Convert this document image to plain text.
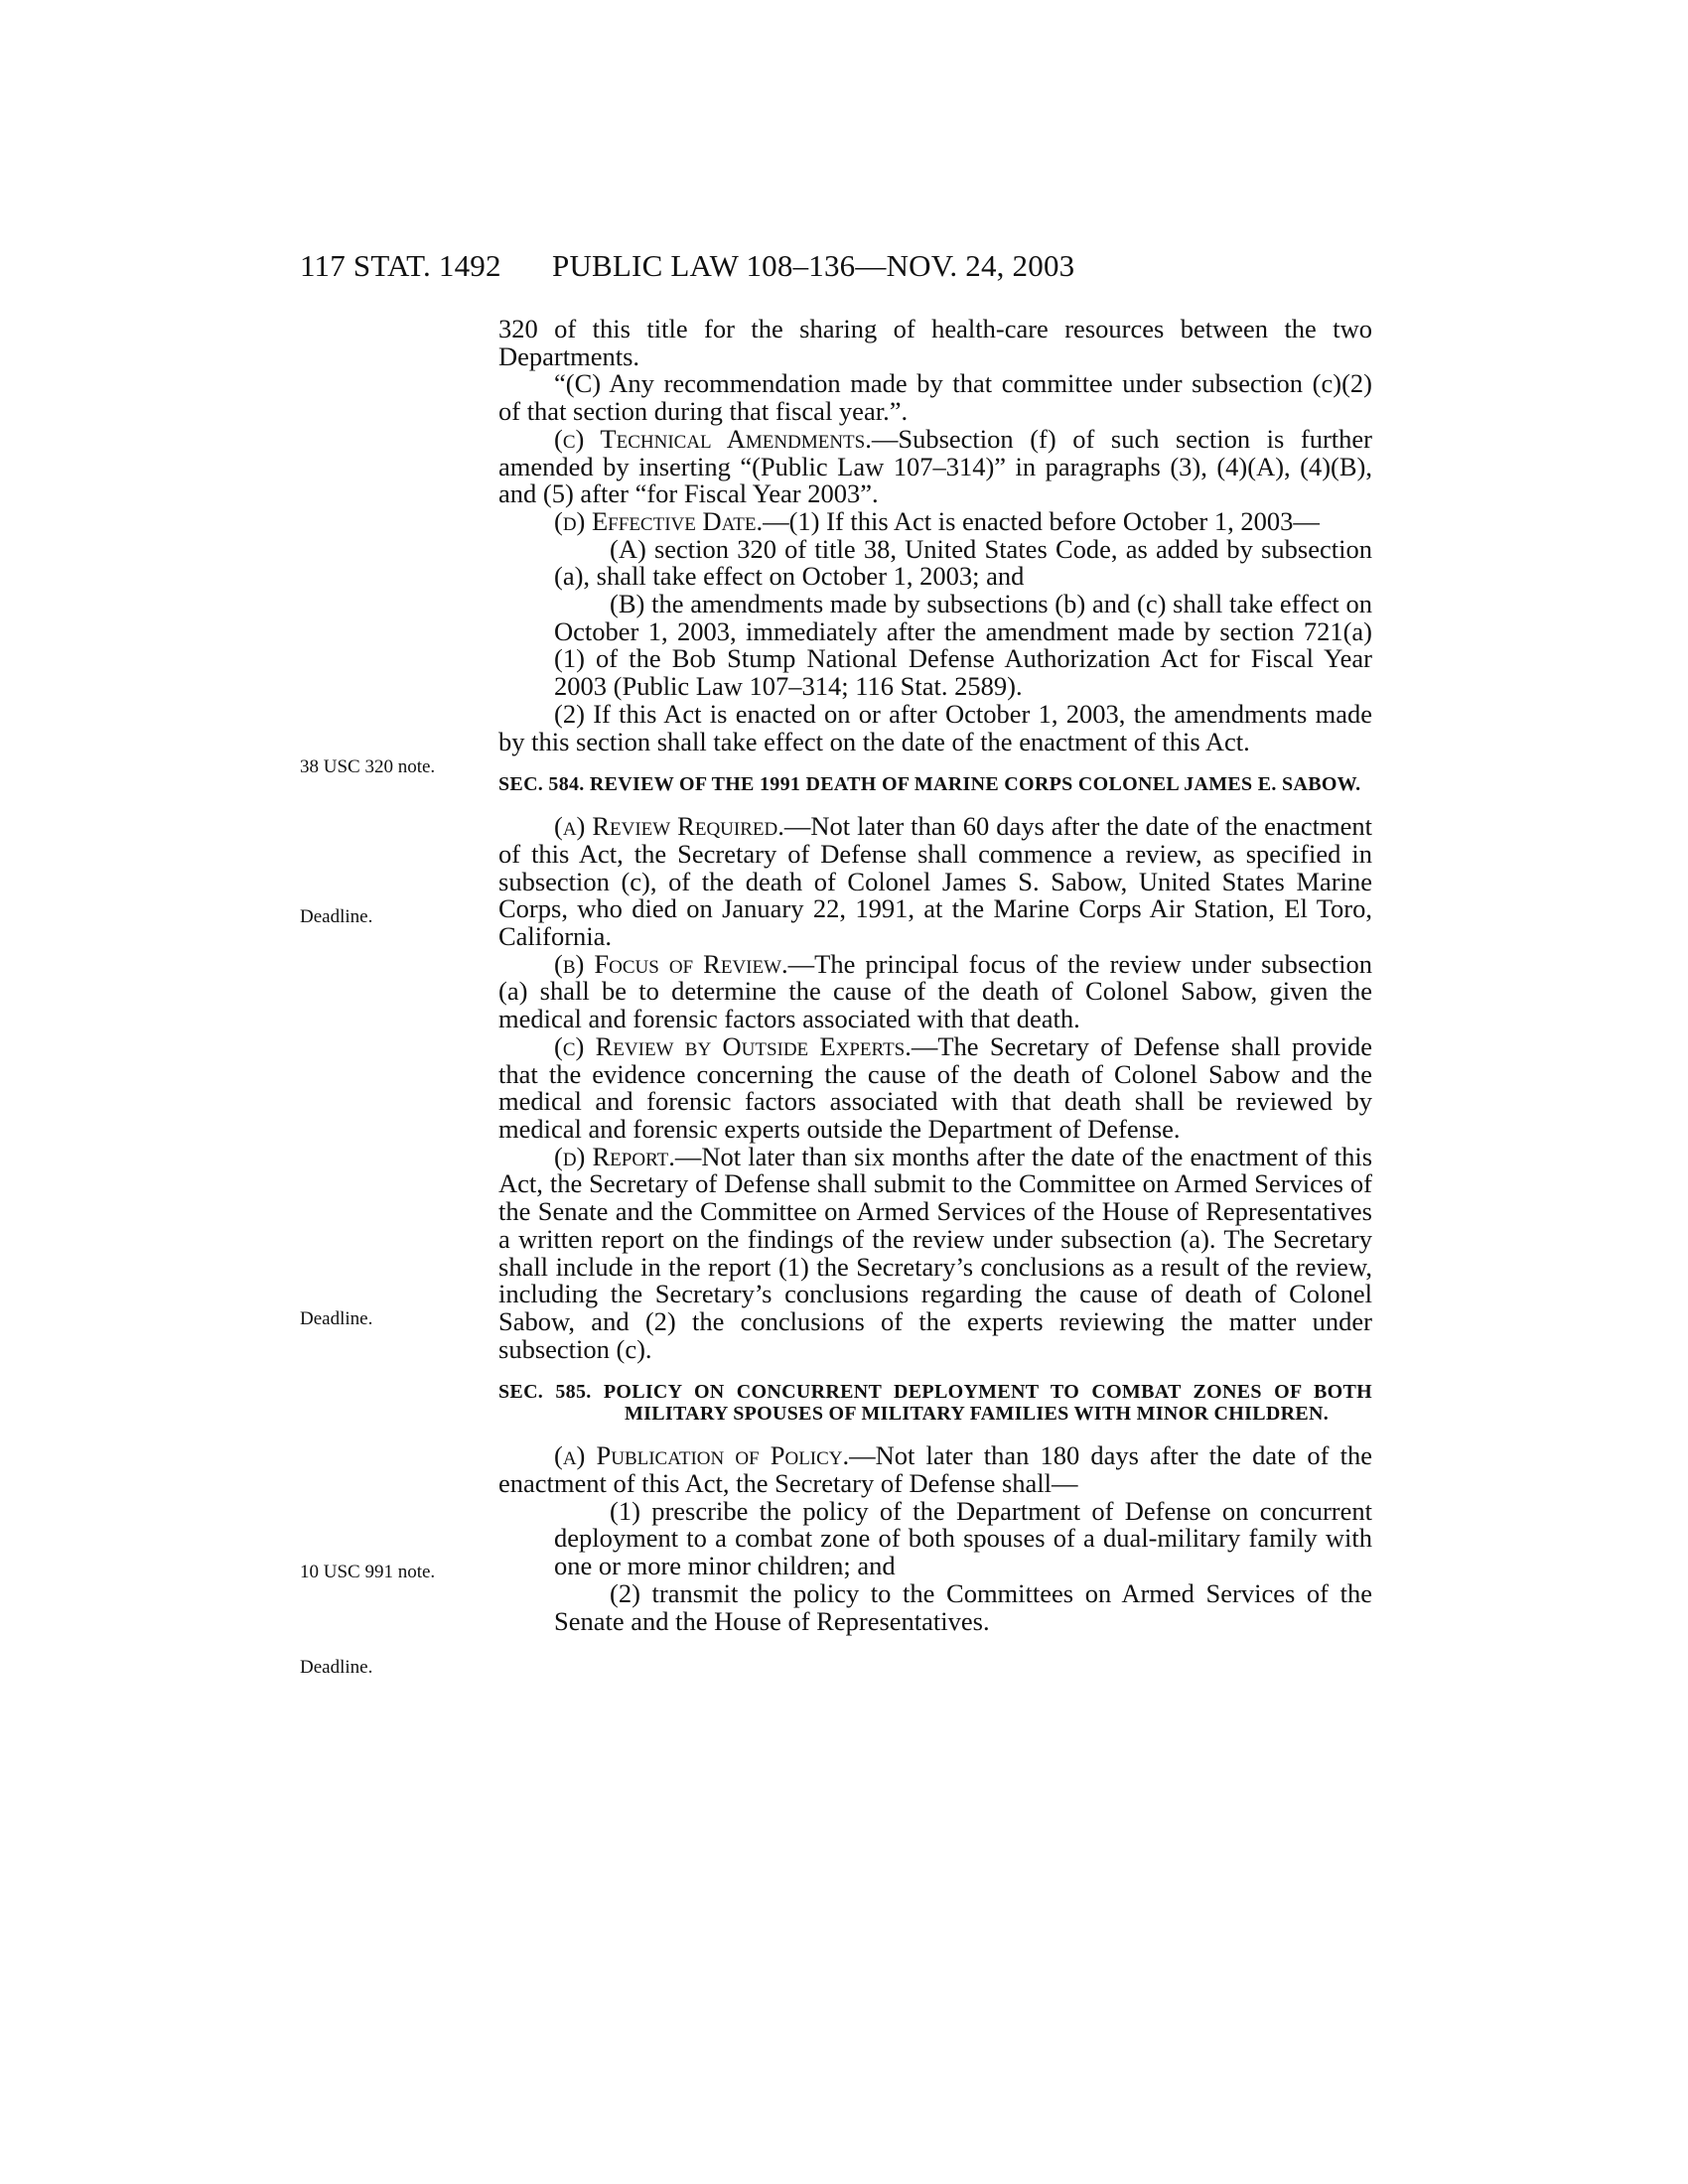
117 STAT. 1492 PUBLIC LAW 108–136—NOV. 24, 2003
38 USC 320 note.
Deadline.
Deadline.
10 USC 991 note.
Deadline.

320 of this title for the sharing of health-care resources between the two Departments.

“(C) Any recommendation made by that committee under subsection (c)(2) of that section during that fiscal year.”.

(c) Technical Amendments.—Subsection (f) of such section is further amended by inserting “(Public Law 107–314)” in paragraphs (3), (4)(A), (4)(B), and (5) after “for Fiscal Year 2003”.

(d) Effective Date.—(1) If this Act is enacted before October 1, 2003—

(A) section 320 of title 38, United States Code, as added by subsection (a), shall take effect on October 1, 2003; and

(B) the amendments made by subsections (b) and (c) shall take effect on October 1, 2003, immediately after the amendment made by section 721(a)(1) of the Bob Stump National Defense Authorization Act for Fiscal Year 2003 (Public Law 107–314; 116 Stat. 2589).

(2) If this Act is enacted on or after October 1, 2003, the amendments made by this section shall take effect on the date of the enactment of this Act.

SEC. 584. REVIEW OF THE 1991 DEATH OF MARINE CORPS COLONEL JAMES E. SABOW.

(a) Review Required.—Not later than 60 days after the date of the enactment of this Act, the Secretary of Defense shall commence a review, as specified in subsection (c), of the death of Colonel James S. Sabow, United States Marine Corps, who died on January 22, 1991, at the Marine Corps Air Station, El Toro, California.

(b) Focus of Review.—The principal focus of the review under subsection (a) shall be to determine the cause of the death of Colonel Sabow, given the medical and forensic factors associated with that death.

(c) Review by Outside Experts.—The Secretary of Defense shall provide that the evidence concerning the cause of the death of Colonel Sabow and the medical and forensic factors associated with that death shall be reviewed by medical and forensic experts outside the Department of Defense.

(d) Report.—Not later than six months after the date of the enactment of this Act, the Secretary of Defense shall submit to the Committee on Armed Services of the Senate and the Committee on Armed Services of the House of Representatives a written report on the findings of the review under subsection (a). The Secretary shall include in the report (1) the Secretary’s conclusions as a result of the review, including the Secretary’s conclusions regarding the cause of death of Colonel Sabow, and (2) the conclusions of the experts reviewing the matter under subsection (c).

SEC. 585. POLICY ON CONCURRENT DEPLOYMENT TO COMBAT ZONES OF BOTH MILITARY SPOUSES OF MILITARY FAMILIES WITH MINOR CHILDREN.

(a) Publication of Policy.—Not later than 180 days after the date of the enactment of this Act, the Secretary of Defense shall—

(1) prescribe the policy of the Department of Defense on concurrent deployment to a combat zone of both spouses of a dual-military family with one or more minor children; and

(2) transmit the policy to the Committees on Armed Services of the Senate and the House of Representatives.
